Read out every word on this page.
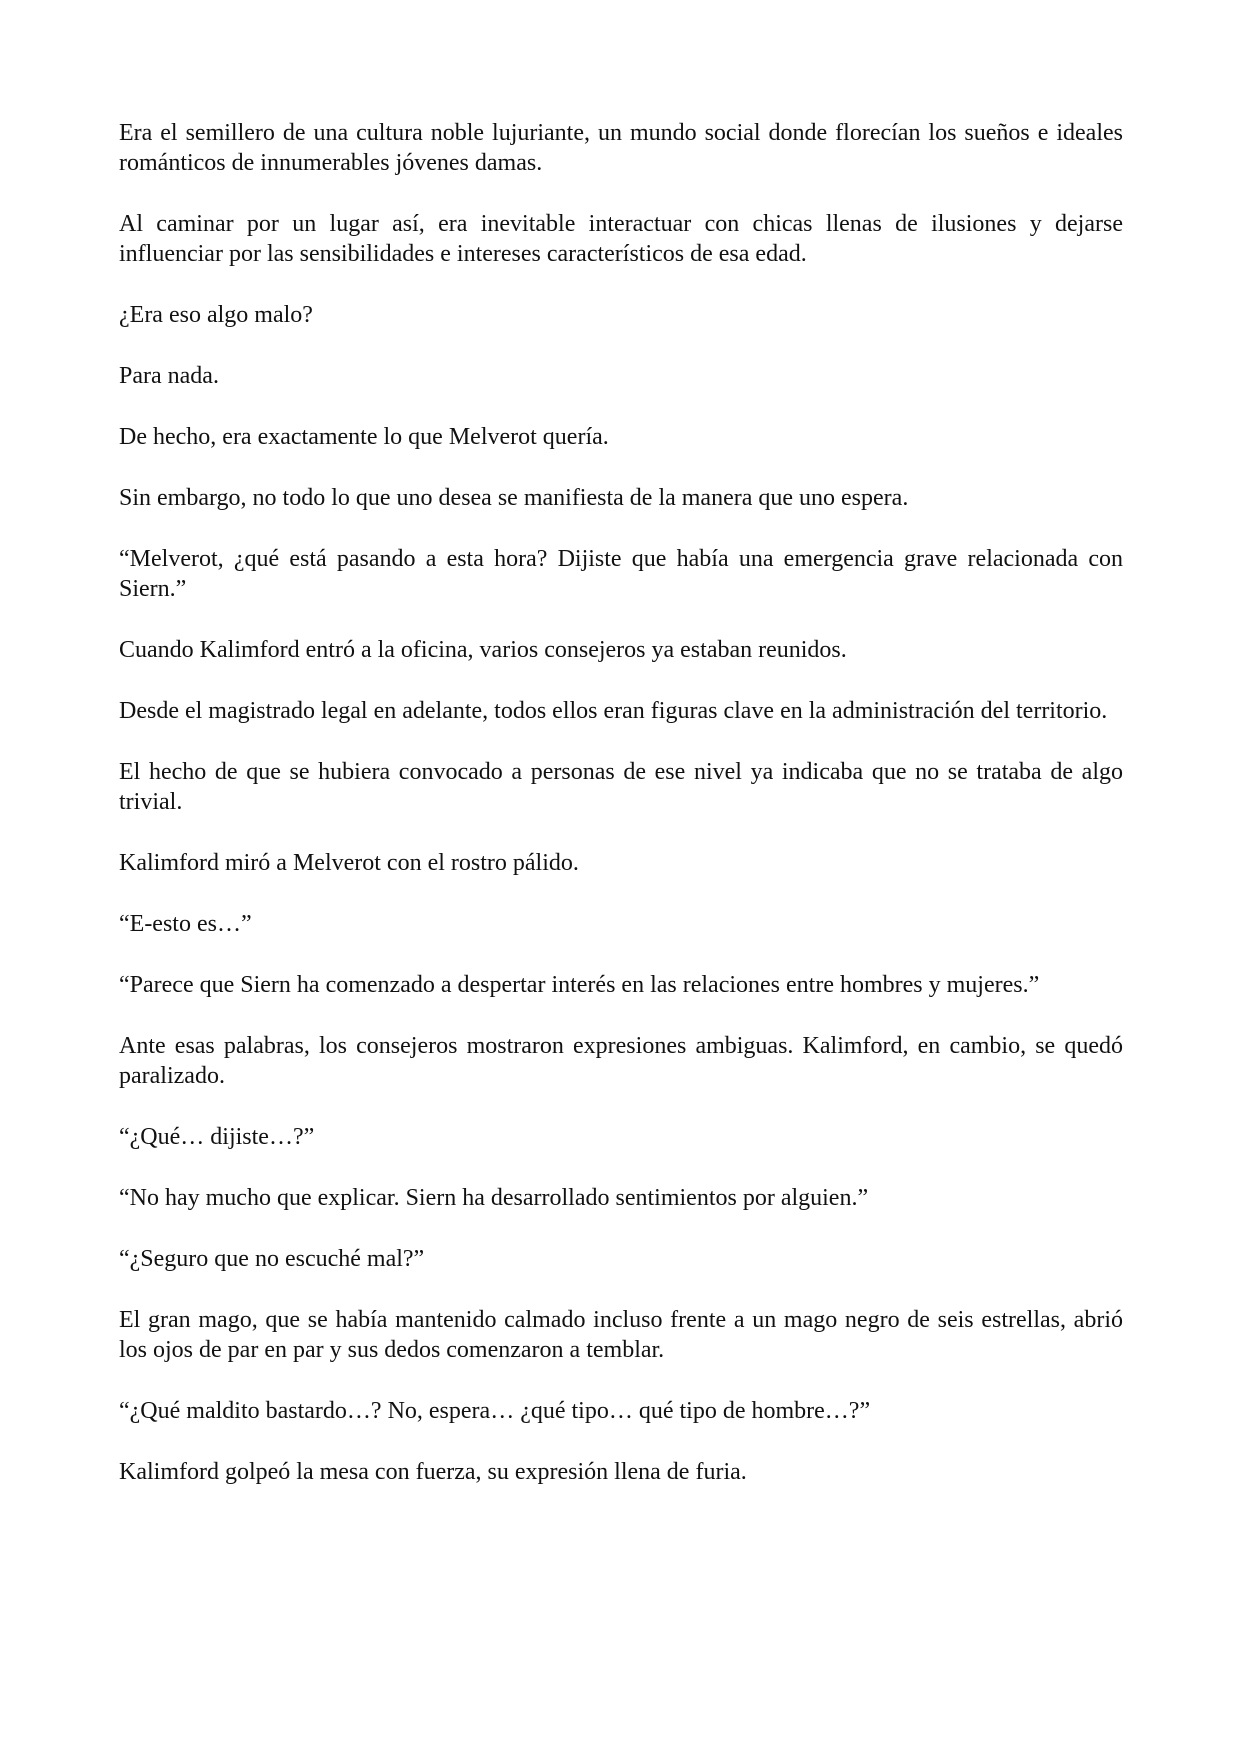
Era el semillero de una cultura noble lujuriante, un mundo social donde florecían los sueños e ideales románticos de innumerables jóvenes damas.

Al caminar por un lugar así, era inevitable interactuar con chicas llenas de ilusiones y dejarse influenciar por las sensibilidades e intereses característicos de esa edad.

¿Era eso algo malo?

Para nada.

De hecho, era exactamente lo que Melverot quería.

Sin embargo, no todo lo que uno desea se manifiesta de la manera que uno espera.

“Melverot, ¿qué está pasando a esta hora? Dijiste que había una emergencia grave relacionada con Siern.”

Cuando Kalimford entró a la oficina, varios consejeros ya estaban reunidos.

Desde el magistrado legal en adelante, todos ellos eran figuras clave en la administración del territorio.

El hecho de que se hubiera convocado a personas de ese nivel ya indicaba que no se trataba de algo trivial.

Kalimford miró a Melverot con el rostro pálido.

“E-esto es…”

“Parece que Siern ha comenzado a despertar interés en las relaciones entre hombres y mujeres.”

Ante esas palabras, los consejeros mostraron expresiones ambiguas. Kalimford, en cambio, se quedó paralizado.

“¿Qué… dijiste…?”

“No hay mucho que explicar. Siern ha desarrollado sentimientos por alguien.”

“¿Seguro que no escuché mal?”

El gran mago, que se había mantenido calmado incluso frente a un mago negro de seis estrellas, abrió los ojos de par en par y sus dedos comenzaron a temblar.

“¿Qué maldito bastardo…? No, espera… ¿qué tipo… qué tipo de hombre…?”

Kalimford golpeó la mesa con fuerza, su expresión llena de furia.
